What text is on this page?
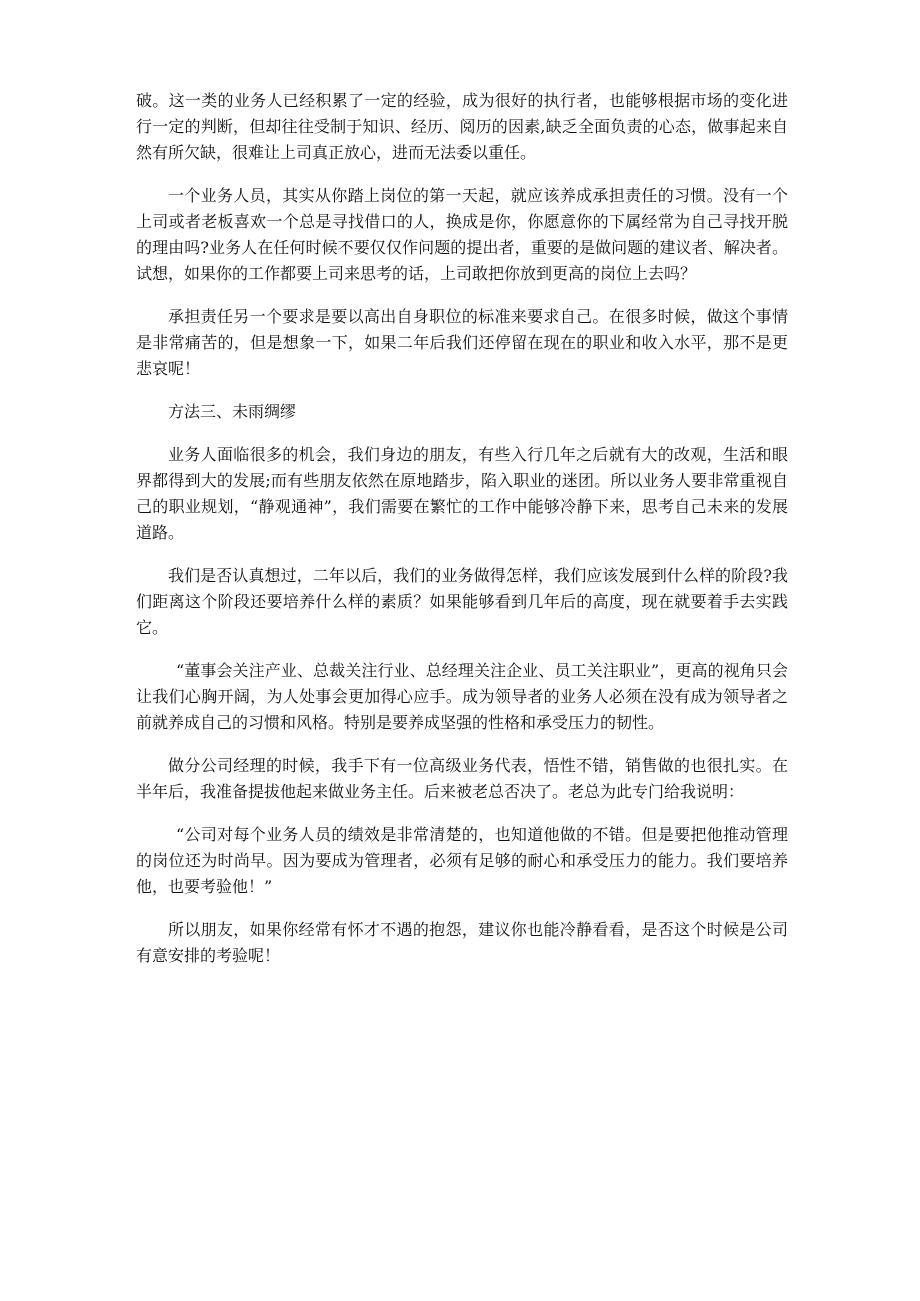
破。这一类的业务人已经积累了一定的经验，成为很好的执行者，也能够根据市场的变化进行一定的判断，但却往往受制于知识、经历、阅历的因素,缺乏全面负责的心态，做事起来自然有所欠缺，很难让上司真正放心，进而无法委以重任。

一个业务人员，其实从你踏上岗位的第一天起，就应该养成承担责任的习惯。没有一个上司或者老板喜欢一个总是寻找借口的人，换成是你，你愿意你的下属经常为自己寻找开脱的理由吗?业务人在任何时候不要仅仅作问题的提出者，重要的是做问题的建议者、解决者。试想，如果你的工作都要上司来思考的话，上司敢把你放到更高的岗位上去吗？

承担责任另一个要求是要以高出自身职位的标准来要求自己。在很多时候，做这个事情是非常痛苦的，但是想象一下，如果二年后我们还停留在现在的职业和收入水平，那不是更悲哀呢！

方法三、未雨绸缪

业务人面临很多的机会，我们身边的朋友，有些入行几年之后就有大的改观，生活和眼界都得到大的发展;而有些朋友依然在原地踏步，陷入职业的迷团。所以业务人要非常重视自己的职业规划，“静观通神”，我们需要在繁忙的工作中能够冷静下来，思考自己未来的发展道路。

我们是否认真想过，二年以后，我们的业务做得怎样，我们应该发展到什么样的阶段?我们距离这个阶段还要培养什么样的素质？如果能够看到几年后的高度，现在就要着手去实践它。

“董事会关注产业、总裁关注行业、总经理关注企业、员工关注职业”，更高的视角只会让我们心胸开阔，为人处事会更加得心应手。成为领导者的业务人必须在没有成为领导者之前就养成自己的习惯和风格。特别是要养成坚强的性格和承受压力的韧性。

做分公司经理的时候，我手下有一位高级业务代表，悟性不错，销售做的也很扎实。在半年后，我准备提拔他起来做业务主任。后来被老总否决了。老总为此专门给我说明：

“公司对每个业务人员的绩效是非常清楚的，也知道他做的不错。但是要把他推动管理的岗位还为时尚早。因为要成为管理者，必须有足够的耐心和承受压力的能力。我们要培养他，也要考验他！”

所以朋友，如果你经常有怀才不遇的抱怨，建议你也能冷静看看，是否这个时候是公司有意安排的考验呢！
